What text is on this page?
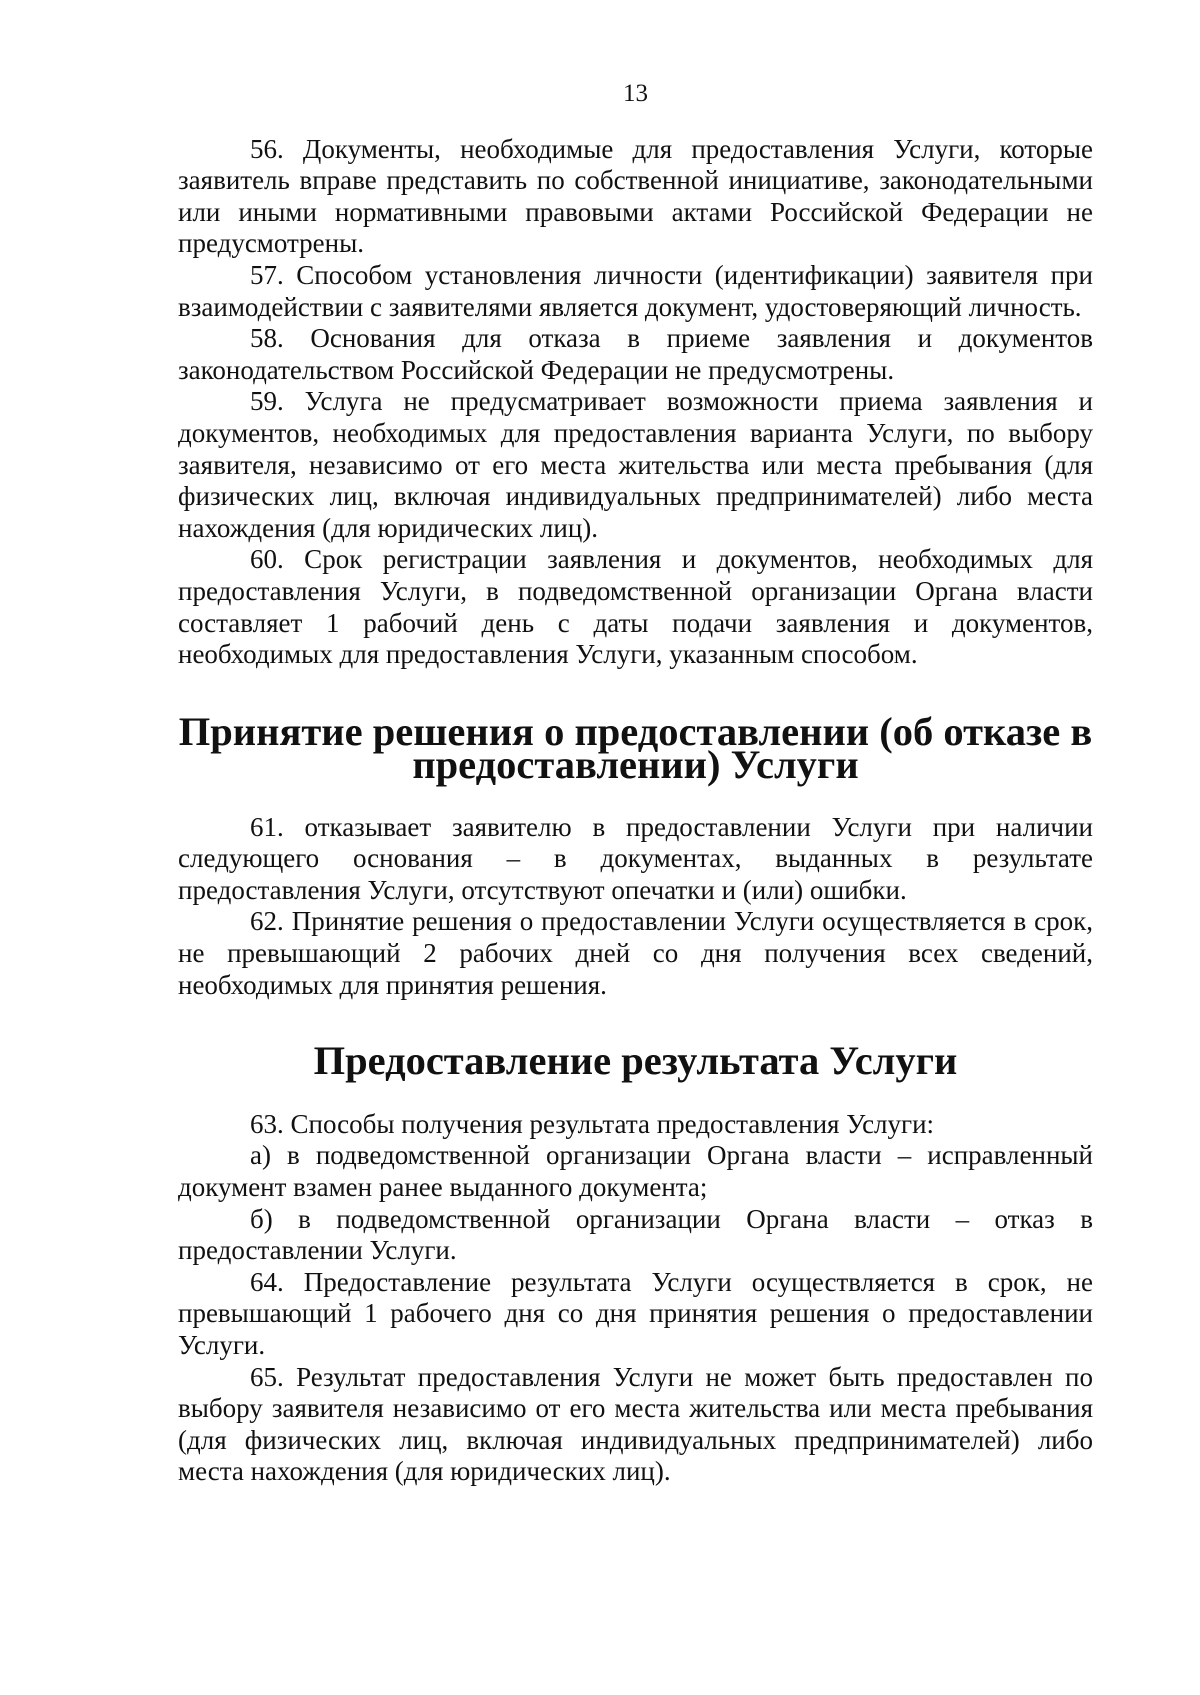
13

56. Документы, необходимые для предоставления Услуги, которые заявитель вправе представить по собственной инициативе, законодательными или иными нормативными правовыми актами Российской Федерации не предусмотрены.

57. Способом установления личности (идентификации) заявителя при взаимодействии с заявителями является документ, удостоверяющий личность.

58. Основания для отказа в приеме заявления и документов законодательством Российской Федерации не предусмотрены.

59. Услуга не предусматривает возможности приема заявления и документов, необходимых для предоставления варианта Услуги, по выбору заявителя, независимо от его места жительства или места пребывания (для физических лиц, включая индивидуальных предпринимателей) либо места нахождения (для юридических лиц).

60. Срок регистрации заявления и документов, необходимых для предоставления Услуги, в подведомственной организации Органа власти составляет 1 рабочий день с даты подачи заявления и документов, необходимых для предоставления Услуги, указанным способом.

Принятие решения о предоставлении (об отказе в предоставлении) Услуги

61. отказывает заявителю в предоставлении Услуги при наличии следующего основания – в документах, выданных в результате предоставления Услуги, отсутствуют опечатки и (или) ошибки.

62. Принятие решения о предоставлении Услуги осуществляется в срок, не превышающий 2 рабочих дней со дня получения всех сведений, необходимых для принятия решения.

Предоставление результата Услуги

63. Способы получения результата предоставления Услуги:

а) в подведомственной организации Органа власти – исправленный документ взамен ранее выданного документа;

б) в подведомственной организации Органа власти – отказ в предоставлении Услуги.

64. Предоставление результата Услуги осуществляется в срок, не превышающий 1 рабочего дня со дня принятия решения о предоставлении Услуги.

65. Результат предоставления Услуги не может быть предоставлен по выбору заявителя независимо от его места жительства или места пребывания (для физических лиц, включая индивидуальных предпринимателей) либо места нахождения (для юридических лиц).
